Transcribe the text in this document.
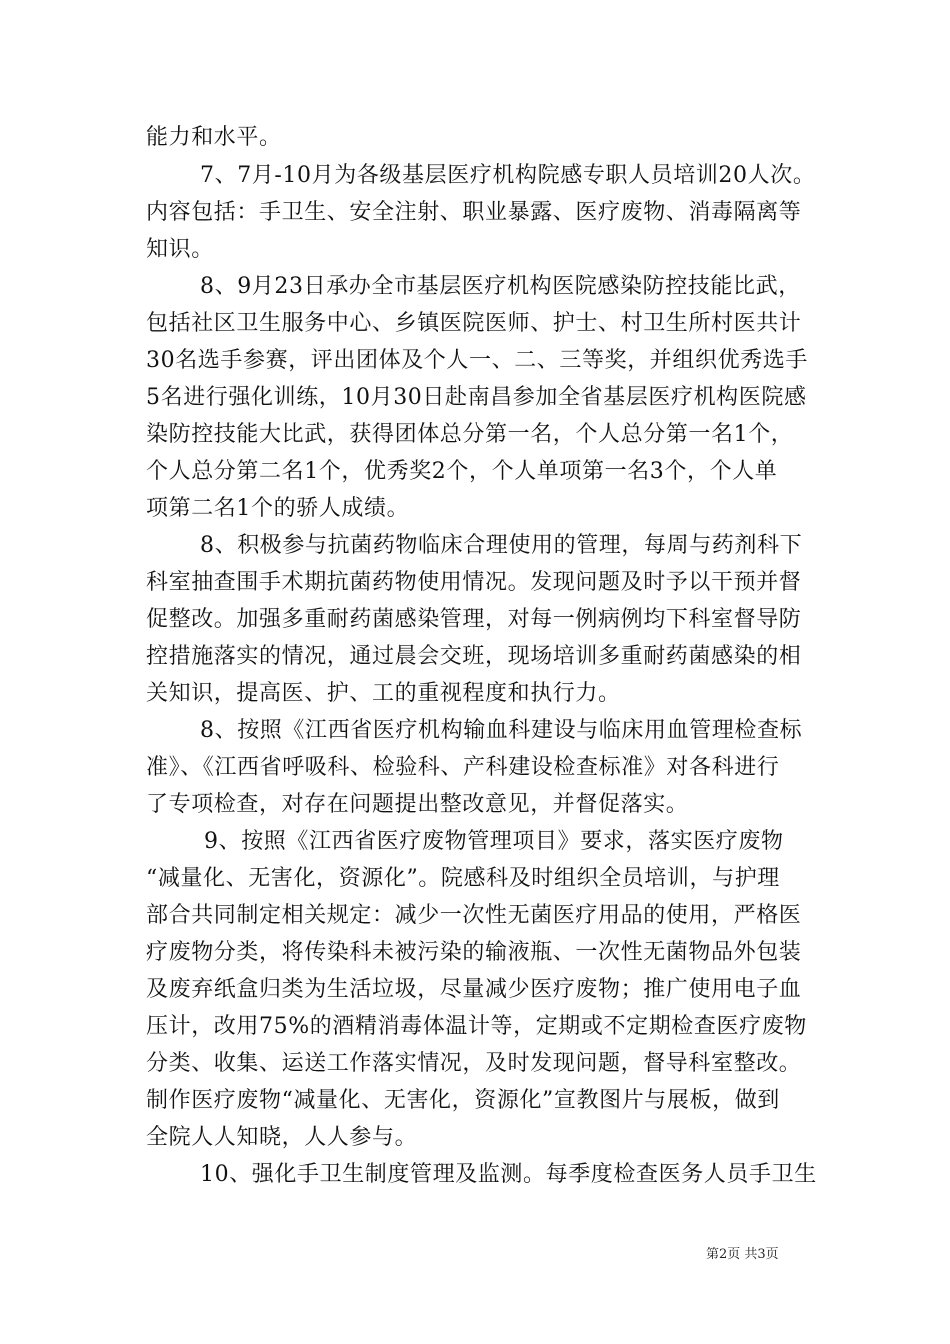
能力和水平。
7、7月-10月为各级基层医疗机构院感专职人员培训20人次。
内容包括：手卫生、安全注射、职业暴露、医疗废物、消毒隔离等
知识。
8、9月23日承办全市基层医疗机构医院感染防控技能比武，
包括社区卫生服务中心、乡镇医院医师、护士、村卫生所村医共计
30名选手参赛，评出团体及个人一、二、三等奖，并组织优秀选手
5名进行强化训练，10月30日赴南昌参加全省基层医疗机构医院感
染防控技能大比武，获得团体总分第一名，个人总分第一名1个，
个人总分第二名1个，优秀奖2个，个人单项第一名3个，个人单
项第二名1个的骄人成绩。
8、积极参与抗菌药物临床合理使用的管理，每周与药剂科下
科室抽查围手术期抗菌药物使用情况。发现问题及时予以干预并督
促整改。加强多重耐药菌感染管理，对每一例病例均下科室督导防
控措施落实的情况，通过晨会交班，现场培训多重耐药菌感染的相
关知识，提高医、护、工的重视程度和执行力。
8、按照《江西省医疗机构输血科建设与临床用血管理检查标
准》、《江西省呼吸科、检验科、产科建设检查标准》对各科进行
了专项检查，对存在问题提出整改意见，并督促落实。
9、按照《江西省医疗废物管理项目》要求，落实医疗废物
“减量化、无害化，资源化”。院感科及时组织全员培训，与护理
部合共同制定相关规定：减少一次性无菌医疗用品的使用，严格医
疗废物分类，将传染科未被污染的输液瓶、一次性无菌物品外包装
及废弃纸盒归类为生活垃圾，尽量减少医疗废物；推广使用电子血
压计，改用75%的酒精消毒体温计等，定期或不定期检查医疗废物
分类、收集、运送工作落实情况，及时发现问题，督导科室整改。
制作医疗废物“减量化、无害化，资源化”宣教图片与展板，做到
全院人人知晓，人人参与。
10、强化手卫生制度管理及监测。每季度检查医务人员手卫生
第2页 共3页
